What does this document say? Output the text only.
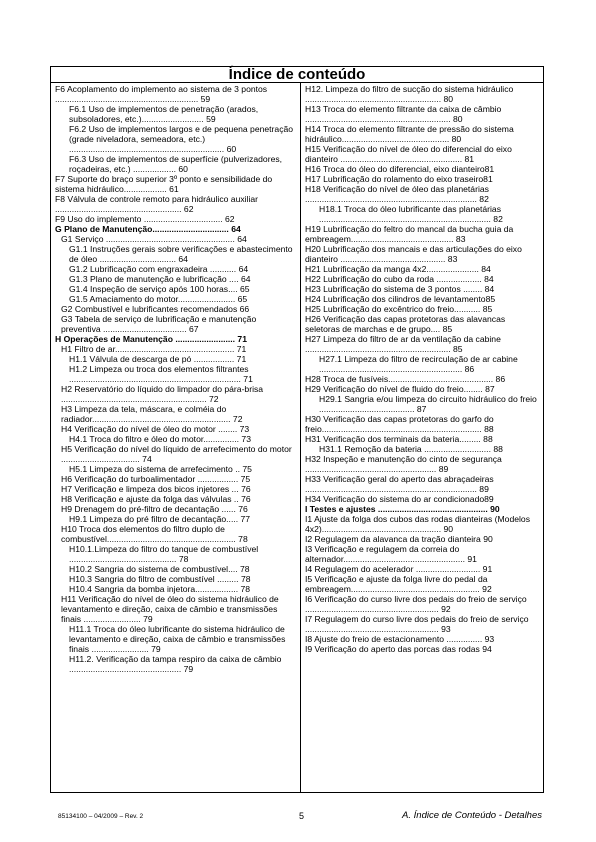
Índice de conteúdo
F6 Acoplamento do implemento ao sistema de 3 pontos ............................................................ 59
F6.1 Uso de implementos de penetração (arados, subsoladores, etc.).......................... 59
F6.2 Uso de implementos largos e de pequena penetração (grade niveladora, semeadora, etc.) ................................................................. 60
F6.3 Uso de implementos de superfície (pulverizadores, roçadeiras, etc.) .................. 60
F7 Suporte do braço superior 3º ponto e sensibilidade do sistema hidráulico.................. 61
F8 Válvula de controle remoto para hidráulico auxiliar ..................................................... 62
F9 Uso do implemento ................................. 62
G Plano de Manutenção................................ 64
G1 Serviço ...................................................... 64
G1.1 Instruções gerais sobre verificações e abastecimento de óleo ................................ 64
G1.2 Lubrificação com engraxadeira ........... 64
G1.3 Plano de manutenção e lubrificação .... 64
G1.4 Inspeção de serviço após 100 horas.... 65
G1.5 Amaciamento do motor........................ 65
G2 Combustível e lubrificantes recomendados 66
G3 Tabela de serviço de lubrificação e manutenção preventiva ................................... 67
H Operações de Manutenção ......................... 71
H1 Filtro de ar.................................................. 71
H1.1 Válvula de descarga de pó ................. 71
H1.2 Limpeza ou troca dos elementos filtrantes ........................................................................ 71
H2 Reservatório do líquido do limpador do pára-brisa ............................................................. 72
H3 Limpeza da tela, máscara, e colméia do radiador.......................................................... 72
H4 Verificação do nível de óleo do motor ........ 73
H4.1 Troca do filtro e óleo do motor............... 73
H5 Verificação do nível do líquido de arrefecimento do motor ................................. 74
H5.1 Limpeza do sistema de arrefecimento .. 75
H6 Verificação do turboalimentador ................. 75
H7 Verificação e limpeza dos bicos injetores ... 76
H8 Verificação e ajuste da folga das válvulas .. 76
H9 Drenagem do pré-filtro de decantação ...... 76
H9.1 Limpeza do pré filtro de decantação..... 77
H10 Troca dos elementos do filtro duplo de combustível...................................................... 78
H10.1.Limpeza do filtro do tanque de combustível ............................................. 78
H10.2 Sangria do sistema de combustível.... 78
H10.3 Sangria do filtro de combustível ......... 78
H10.4 Sangria da bomba injetora.................. 78
H11 Verificação do nível de óleo do sistema hidráulico de levantamento e direção, caixa de câmbio e transmissões finais ........................ 79
H11.1 Troca do óleo lubrificante do sistema hidráulico de levantamento e direção, caixa de câmbio e transmissões finais ........................ 79
H11.2. Verificação da tampa respiro da caixa de câmbio ............................................... 79
H12. Limpeza do filtro de sucção do sistema hidráulico ......................................................... 80
H13 Troca do elemento filtrante da caixa de câmbio ............................................................. 80
H14 Troca do elemento filtrante de pressão do sistema hidráulico............................................. 80
H15 Verificação do nível de óleo do diferencial do eixo dianteiro ................................................... 81
H16 Troca do óleo do diferencial, eixo dianteiro81
H17 Lubrificação do rolamento do eixo traseiro81
H18 Verificação do nível de óleo das planetárias ........................................................................ 82
H18.1 Troca do óleo lubrificante das planetárias ........................................................................ 82
H19 Lubrificação do feltro do mancal da bucha guia da embreagem........................................... 83
H20 Lubrificação dos mancais e das articulações do eixo dianteiro ............................................ 83
H21 Lubrificação da manga 4x2...................... 84
H22 Lubrificação do cubo da roda ................... 84
H23 Lubrificação do sistema de 3 pontos ........ 84
H24 Lubrificação dos cilindros de levantamento85
H25 Lubrificação do excêntrico do freio........... 85
H26 Verificação das capas protetoras das alavancas seletoras de marchas e de grupo.... 85
H27 Limpeza do filtro de ar da ventilação da cabine ............................................................. 85
H27.1 Limpeza do filtro de recirculação de ar cabine ............................................................ 86
H28 Troca de fusíveis............................................ 86
H29 Verificação do nível de fluido do freio........ 87
H29.1 Sangria e/ou limpeza do circuito hidráulico do freio ........................................ 87
H30 Verificação das capas protetoras do garfo do freio................................................................... 88
H31 Verificação dos terminais da bateria......... 88
H31.1 Remoção da bateria ............................ 88
H32 Inspeção e manutenção do cinto de segurança ....................................................... 89
H33 Verificação geral do aperto das abraçadeiras ........................................................................ 89
H34 Verificação do sistema do ar condicionado89
I Testes e ajustes .............................................. 90
I1 Ajuste da folga dos cubos das rodas dianteiras (Modelos 4x2).................................................. 90
I2 Regulagem da alavanca da tração dianteira 90
I3 Verificação e regulagem da correia do alternador................................................... 91
I4 Regulagem do acelerador ........................... 91
I5 Verificação e ajuste da folga livre do pedal da embreagem...................................................... 92
I6 Verificação do curso livre dos pedais do freio de serviço ........................................................ 92
I7 Regulagem do curso livre dos pedais do freio de serviço ........................................................ 93
I8 Ajuste do freio de estacionamento ............... 93
I9 Verificação do aperto das porcas das rodas 94
85134100 – 04/2009 – Rev. 2	5	A. Índice de Conteúdo - Detalhes
